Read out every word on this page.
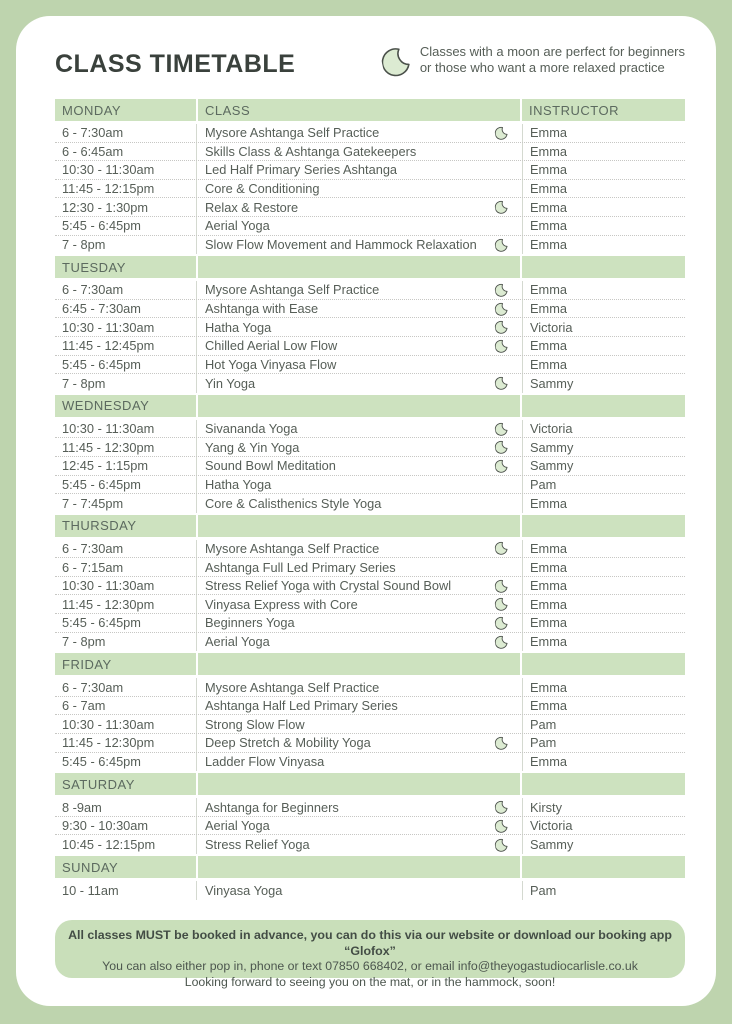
CLASS TIMETABLE	Classes with a moon are perfect for beginners
or those who want a more relaxed practice
MONDAY	CLASS	INSTRUCTOR
6 - 7:30am	Mysore Ashtanga Self Practice	Emma
6 - 6:45am	Skills Class & Ashtanga Gatekeepers	Emma
10:30 - 11:30am	Led Half Primary Series Ashtanga	Emma
11:45 - 12:15pm	Core & Conditioning	Emma
12:30 - 1:30pm	Relax & Restore	Emma
5:45 - 6:45pm	Aerial Yoga	Emma
7 - 8pm	Slow Flow Movement and Hammock Relaxation	Emma
TUESDAY
6 - 7:30am	Mysore Ashtanga Self Practice	Emma
6:45 - 7:30am	Ashtanga with Ease	Emma
10:30 - 11:30am	Hatha Yoga	Victoria
11:45 - 12:45pm	Chilled Aerial Low Flow	Emma
5:45 - 6:45pm	Hot Yoga Vinyasa Flow	Emma
7 - 8pm	Yin Yoga	Sammy
WEDNESDAY
10:30 - 11:30am	Sivananda Yoga	Victoria
11:45 - 12:30pm	Yang & Yin Yoga	Sammy
12:45 - 1:15pm	Sound Bowl Meditation	Sammy
5:45 - 6:45pm	Hatha Yoga	Pam
7 - 7:45pm	Core & Calisthenics Style Yoga	Emma
THURSDAY
6 - 7:30am	Mysore Ashtanga Self Practice	Emma
6 - 7:15am	Ashtanga Full Led Primary Series	Emma
10:30 - 11:30am	Stress Relief Yoga with Crystal Sound Bowl	Emma
11:45 - 12:30pm	Vinyasa Express with Core	Emma
5:45 - 6:45pm	Beginners Yoga	Emma
7 - 8pm	Aerial Yoga	Emma
FRIDAY
6 - 7:30am	Mysore Ashtanga Self Practice	Emma
6 - 7am	Ashtanga Half Led Primary Series	Emma
10:30 - 11:30am	Strong Slow Flow	Pam
11:45 - 12:30pm	Deep Stretch & Mobility Yoga	Pam
5:45 - 6:45pm	Ladder Flow Vinyasa	Emma
SATURDAY
8 -9am	Ashtanga for Beginners	Kirsty
9:30 - 10:30am	Aerial Yoga	Victoria
10:45 - 12:15pm	Stress Relief Yoga	Sammy
SUNDAY
10 - 11am	Vinyasa Yoga	Pam
All classes MUST be booked in advance, you can do this via our website or download our booking app “Glofox”
You can also either pop in, phone or text 07850 668402, or email info@theyogastudiocarlisle.co.uk
Looking forward to seeing you on the mat, or in the hammock, soon!
